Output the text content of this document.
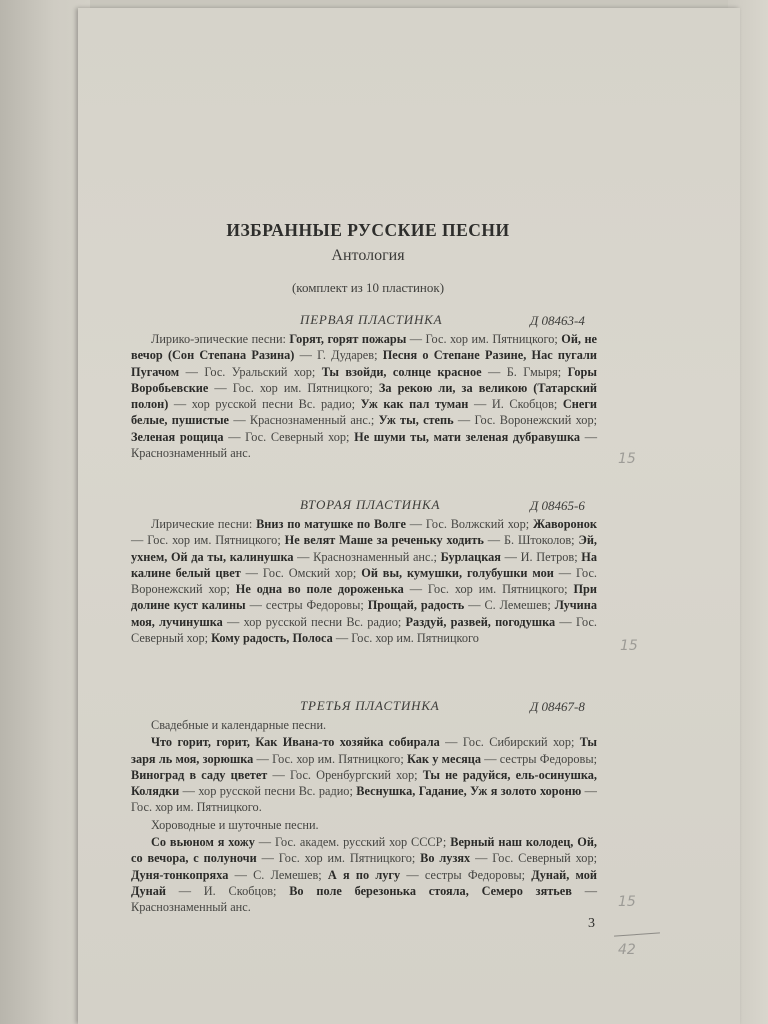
ИЗБРАННЫЕ РУССКИЕ ПЕСНИ
Антология
(комплект из 10 пластинок)
ПЕРВАЯ ПЛАСТИНКА	Д 08463-4

Лирико-эпические песни: Горят, горят пожары — Гос. хор им. Пятницкого; Ой, не вечор (Сон Степана Разина) — Г. Дударев; Песня о Степане Разине, Нас пугали Пугачом — Гос. Уральский хор; Ты взойди, солнце красное — Б. Гмыря; Горы Воробьевские — Гос. хор им. Пятницкого; За рекою ли, за великою (Татарский полон) — хор русской песни Вс. радио; Уж как пал туман — И. Скобцов; Снеги белые, пушистые — Краснознаменный анс.; Уж ты, степь — Гос. Воронежский хор; Зеленая рощица — Гос. Северный хор; Не шуми ты, мати зеленая дубравушка — Краснознаменный анс.

ВТОРАЯ ПЛАСТИНКА	Д 08465-6

Лирические песни: Вниз по матушке по Волге — Гос. Волжский хор; Жаворонок — Гос. хор им. Пятницкого; Не велят Маше за реченьку ходить — Б. Штоколов; Эй, ухнем, Ой да ты, калинушка — Краснознаменный анс.; Бурлацкая — И. Петров; На калине белый цвет — Гос. Омский хор; Ой вы, кумушки, голубушки мои — Гос. Воронежский хор; Не одна во поле дороженька — Гос. хор им. Пятницкого; При долине куст калины — сестры Федоровы; Прощай, радость — С. Лемешев; Лучина моя, лучинушка — хор русской песни Вс. радио; Раздуй, развей, погодушка — Гос. Северный хор; Кому радость, Полоса — Гос. хор им. Пятницкого

ТРЕТЬЯ ПЛАСТИНКА	Д 08467-8

Свадебные и календарные песни.

Что горит, горит, Как Ивана-то хозяйка собирала — Гос. Сибирский хор; Ты заря ль моя, зорюшка — Гос. хор им. Пятницкого; Как у месяца — сестры Федоровы; Виноград в саду цветет — Гос. Оренбургский хор; Ты не радуйся, ель-осинушка, Колядки — хор русской песни Вс. радио; Веснушка, Гадание, Уж я золото хороню — Гос. хор им. Пятницкого.

Хороводные и шуточные песни.

Со вьюном я хожу — Гос. академ. русский хор СССР; Верный наш колодец, Ой, со вечора, с полуночи — Гос. хор им. Пятницкого; Во лузях — Гос. Северный хор; Дуня-тонкопряха — С. Лемешев; А я по лугу — сестры Федоровы; Дунай, мой Дунай — И. Скобцов; Во поле березонька стояла, Семеро зятьев — Краснознаменный анс.

3
15
15
15
42
